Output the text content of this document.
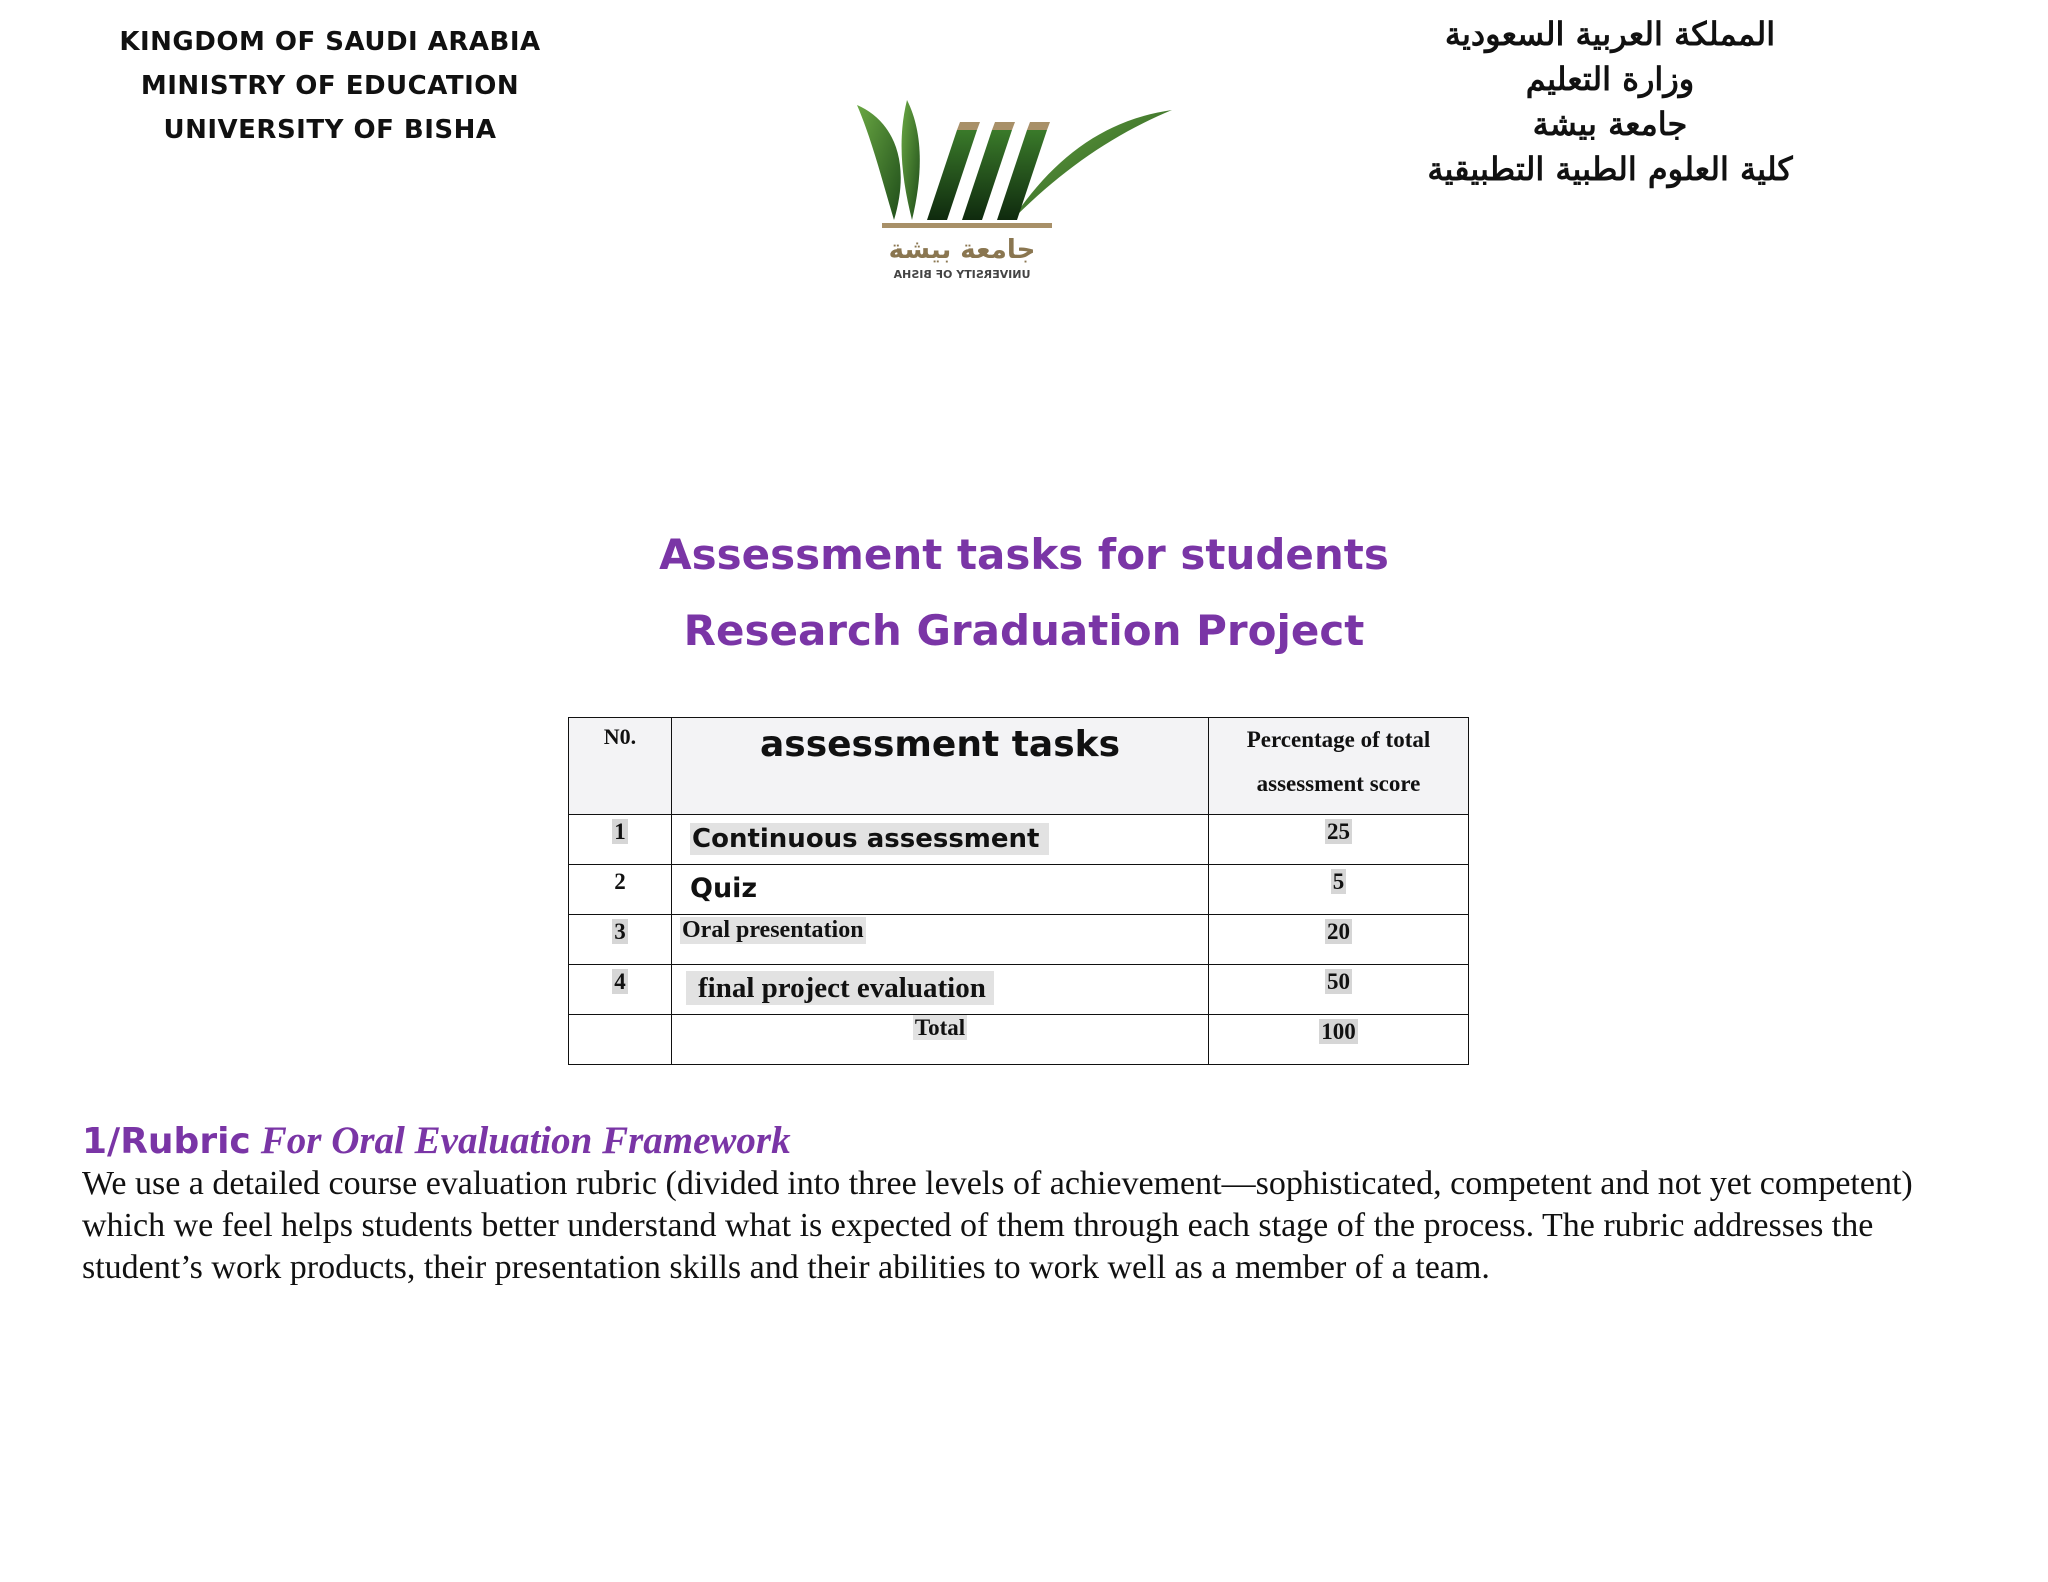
KINGDOM OF SAUDI ARABIA
MINISTRY OF EDUCATION
UNIVERSITY OF BISHA
المملكة العربية السعودية
وزارة التعليم
جامعة بيشة
كلية العلوم الطبية التطبيقية
جامعة بيشة
UNIVERSITY OF BISHA
Assessment tasks for students
Research Graduation Project
N0.	assessment tasks	Percentage of total
assessment score

1	Continuous assessment	25
2	Quiz	5
3	Oral presentation	20
4	final project evaluation	50
	Total	100
1/Rubric For Oral Evaluation Framework
We use a detailed course evaluation rubric (divided into three levels of achievement—sophisticated, competent and not yet competent) which we feel helps students better understand what is expected of them through each stage of the process. The rubric addresses the student’s work products, their presentation skills and their abilities to work well as a member of a team.
